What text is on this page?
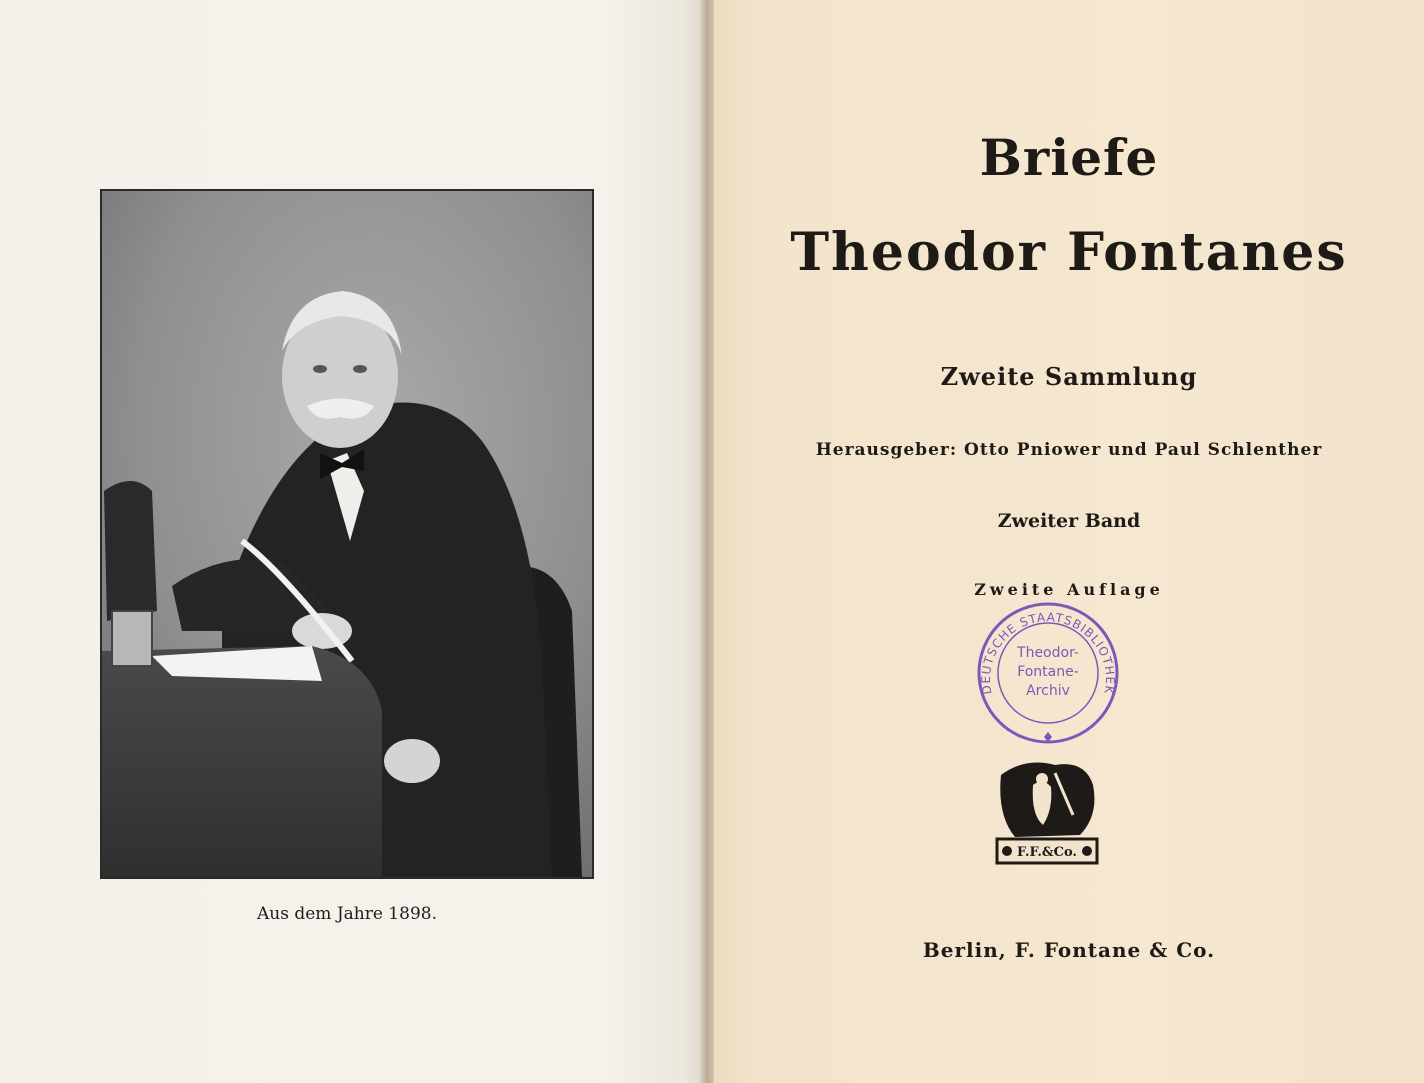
Aus dem Jahre 1898.
Briefe
Theodor Fontanes
Zweite Sammlung
Herausgeber: Otto Pniower und Paul Schlenther
Zweiter Band
Zweite Auflage
DEUTSCHE STAATSBIBLIOTHEK
Theodor-
Fontane-
Archiv
F.F.&Co.
Berlin, F. Fontane & Co.
